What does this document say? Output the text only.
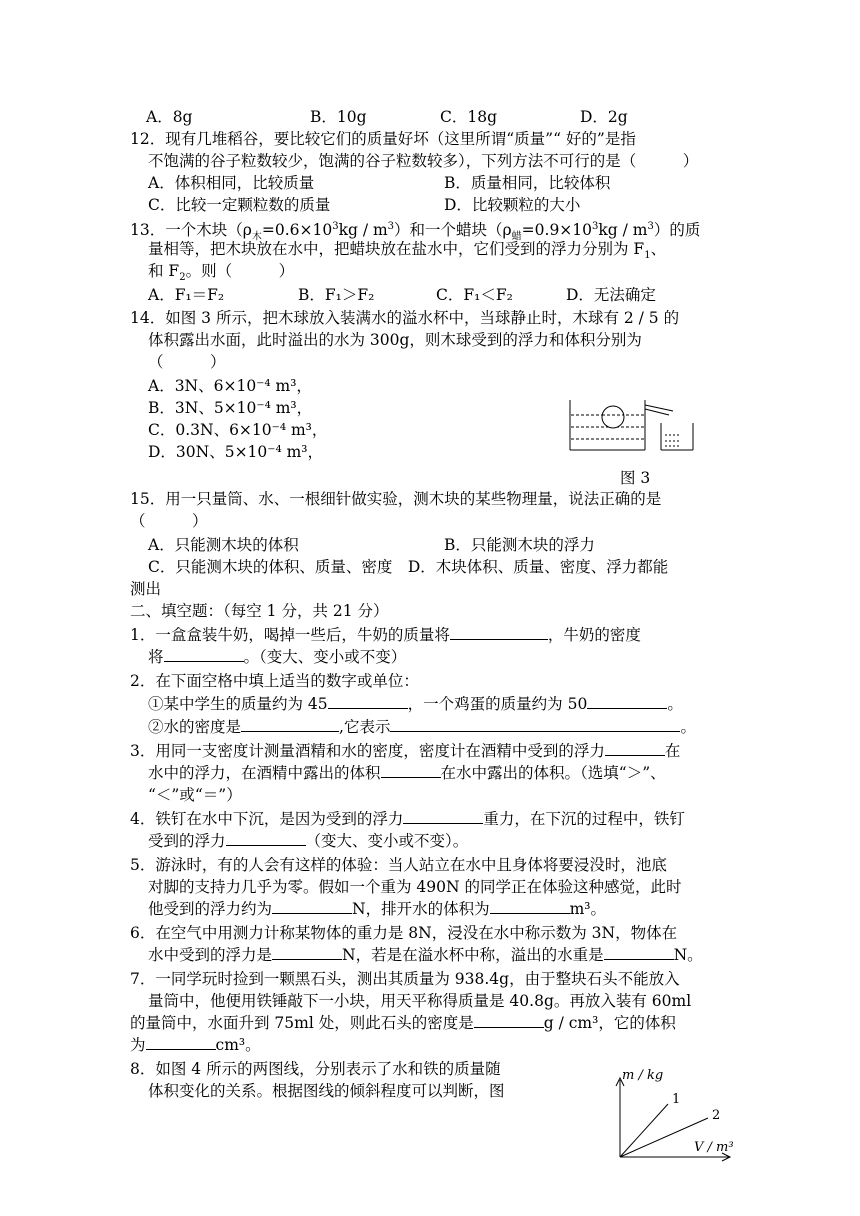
A．8g	B．10g	C．18g	D．2g
12．现有几堆稻谷，要比较它们的质量好坏（这里所谓“质量”“ 好的”是指
不饱满的谷子粒数较少，饱满的谷子粒数较多），下列方法不可行的是（　　　）
A．体积相同，比较质量	B．质量相同，比较体积
C．比较一定颗粒数的质量	D．比较颗粒的大小
13．一个木块$(\rho_木=0.6\times 10^3kg / m^3)$和一个蜡块$(\rho_蜡=0.9\times 10^3kg / m^3)$的质
量相等，把木块放在水中，把蜡块放在盐水中，它们受到的浮力分别为 $F_1$、
和 $F_2$。则（　　　）
A．F₁＝F₂	B．F₁＞F₂	C．F₁＜F₂	D．无法确定
14．如图 3 所示，把木球放入装满水的溢水杯中，当球静止时，木球有 2 / 5 的
体积露出水面，此时溢出的水为 300g，则木球受到的浮力和体积分别为
（　　　）
A．3N、6×10⁻⁴ m³，
B．3N、5×10⁻⁴ m³，
C．0.3N、6×10⁻⁴ m³，
D．30N、5×10⁻⁴ m³，
图 3
15．用一只量筒、水、一根细针做实验，测木块的某些物理量，说法正确的是
（　　　）
A．只能测木块的体积	B．只能测木块的浮力
C．只能测木块的体积、质量、密度　D．木块体积、质量、密度、浮力都能
测出
二、填空题：（每空 1 分，共 21 分）
1．一盒盒装牛奶，喝掉一些后，牛奶的质量将	，牛奶的密度
将	。（变大、变小或不变）
2．在下面空格中填上适当的数字或单位：
①某中学生的质量约为 45	，一个鸡蛋的质量约为 50	。
②水的密度是	,它表示	。
3．用同一支密度计测量酒精和水的密度，密度计在酒精中受到的浮力	在
水中的浮力，在酒精中露出的体积	在水中露出的体积。（选填“＞”、
“＜”或“＝”）
4．铁钉在水中下沉，是因为受到的浮力	重力，在下沉的过程中，铁钉
受到的浮力	（变大、变小或不变）。
5．游泳时，有的人会有这样的体验：当人站立在水中且身体将要浸没时，池底
对脚的支持力几乎为零。假如一个重为 490N 的同学正在体验这种感觉，此时
他受到的浮力约为	N，排开水的体积为	m³。
6．在空气中用测力计称某物体的重力是 8N，浸没在水中称示数为 3N，物体在
水中受到的浮力是	N，若是在溢水杯中称，溢出的水重是	N。
7．一同学玩时捡到一颗黑石头，测出其质量为 938.4g，由于整块石头不能放入
量筒中，他便用铁锤敲下一小块，用天平称得质量是 40.8g。再放入装有 60ml
的量筒中，水面升到 75ml 处，则此石头的密度是	g / cm³，它的体积
为	cm³。
8．如图 4 所示的两图线，分别表示了水和铁的质量随
体积变化的关系。根据图线的倾斜程度可以判断，图
m / kg
V / m³
1
2
